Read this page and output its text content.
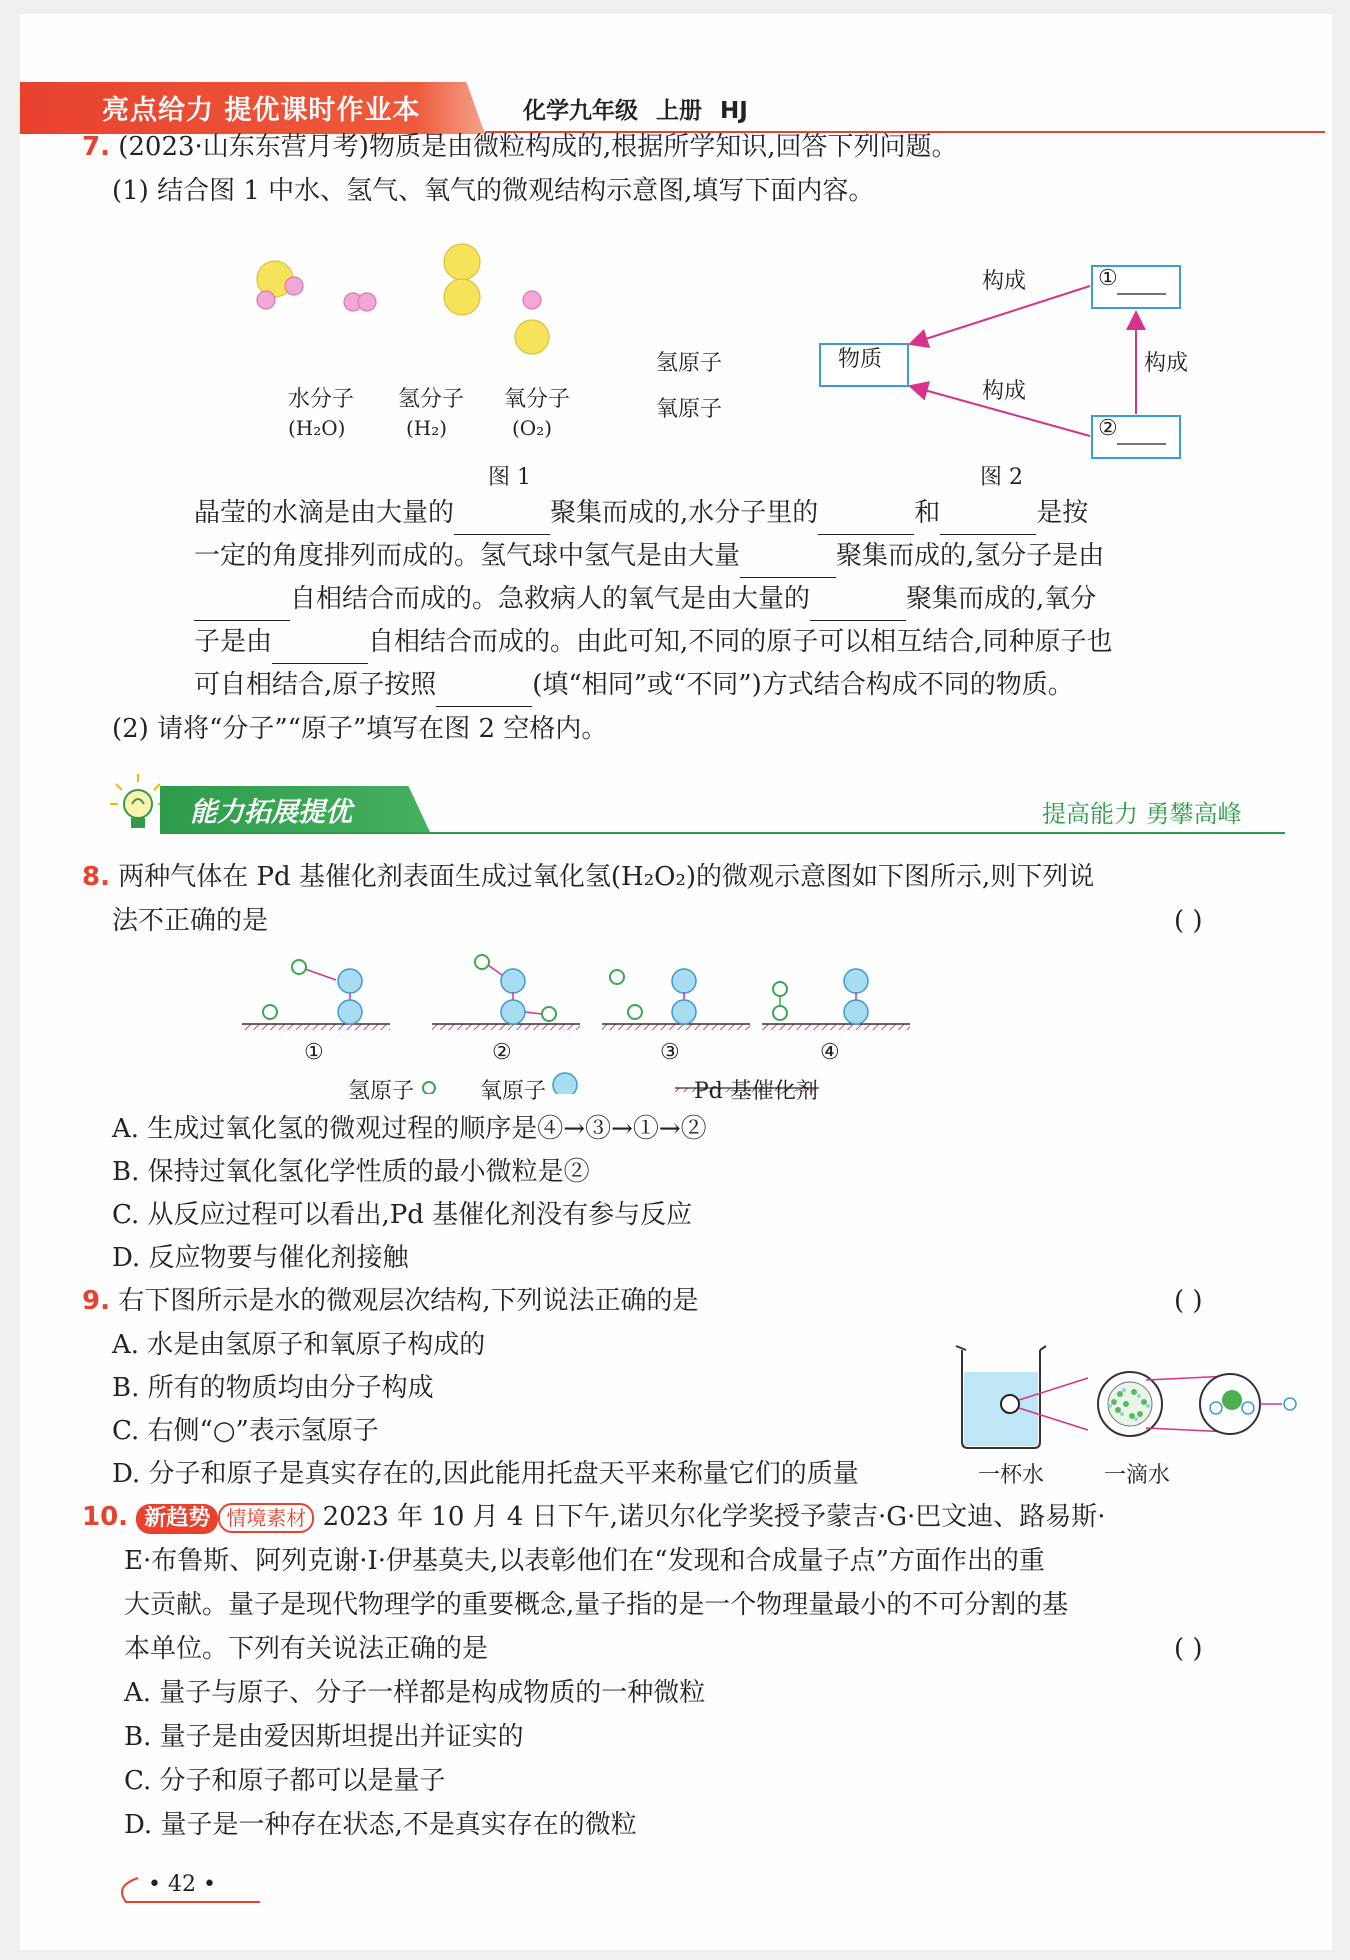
亮点给力 提优课时作业本	化学九年级 上册 HJ
7. (2023·山东东营月考)物质是由微粒构成的,根据所学知识,回答下列问题。
(1) 结合图 1 中水、氢气、氧气的微观结构示意图,填写下面内容。
水分子
(H₂O)
氢分子
(H₂)
氧分子
(O₂)
氢原子
氧原子
图 1
物质
①
②
构成
构成
构成
图 2
晶莹的水滴是由大量的	聚集而成的,水分子里的	和	是按
一定的角度排列而成的。氢气球中氢气是由大量	聚集而成的,氢分子是由
自相结合而成的。急救病人的氧气是由大量的	聚集而成的,氧分
子是由	自相结合而成的。由此可知,不同的原子可以相互结合,同种原子也
可自相结合,原子按照	(填“相同”或“不同”)方式结合构成不同的物质。
(2) 请将“分子”“原子”填写在图 2 空格内。
能力拓展提优	提高能力 勇攀高峰
8. 两种气体在 Pd 基催化剂表面生成过氧化氢(H₂O₂)的微观示意图如下图所示,则下列说
法不正确的是	( )
①	②	③	④
氢原子	氧原子	Pd 基催化剂
A. 生成过氧化氢的微观过程的顺序是④→③→①→②
B. 保持过氧化氢化学性质的最小微粒是②
C. 从反应过程可以看出,Pd 基催化剂没有参与反应
D. 反应物要与催化剂接触
9. 右下图所示是水的微观层次结构,下列说法正确的是	( )
A. 水是由氢原子和氧原子构成的
B. 所有的物质均由分子构成
C. 右侧“○”表示氢原子
D. 分子和原子是真实存在的,因此能用托盘天平来称量它们的质量	一杯水	一滴水
10. 新趋势 情境素材 2023 年 10 月 4 日下午,诺贝尔化学奖授予蒙吉·G·巴文迪、路易斯·
E·布鲁斯、阿列克谢·I·伊基莫夫,以表彰他们在“发现和合成量子点”方面作出的重
大贡献。量子是现代物理学的重要概念,量子指的是一个物理量最小的不可分割的基
本单位。下列有关说法正确的是	( )
A. 量子与原子、分子一样都是构成物质的一种微粒
B. 量子是由爱因斯坦提出并证实的
C. 分子和原子都可以是量子
D. 量子是一种存在状态,不是真实存在的微粒
• 42 •
